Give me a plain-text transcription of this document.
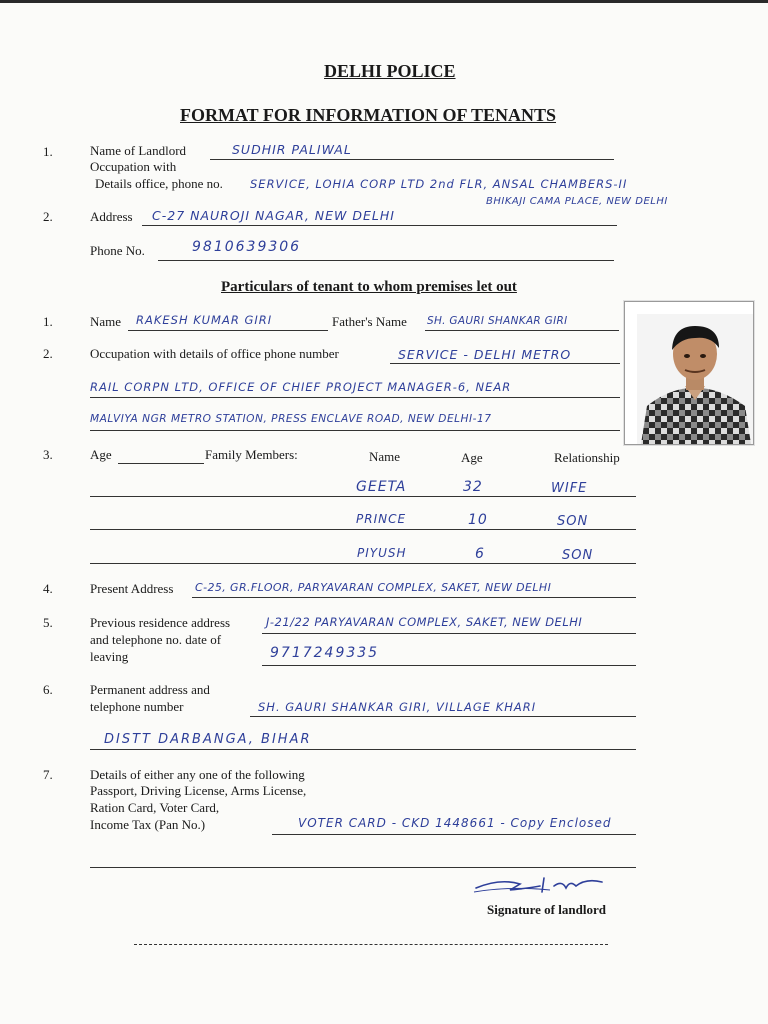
DELHI POLICE
FORMAT FOR INFORMATION OF TENANTS
1.	Name of Landlord
Occupation with
Details office, phone no.
SUDHIR PALIWAL
SERVICE, LOHIA CORP LTD 2nd FLR, ANSAL CHAMBERS-II
BHIKAJI CAMA PLACE, NEW DELHI
2.	Address C-27 NAUROJI NAGAR, NEW DELHI
Phone No.	9810639306
Particulars of tenant to whom premises let out
1.	Name RAKESH KUMAR GIRI	Father's Name SH. GAURI SHANKAR GIRI
2.	Occupation with details of office phone number	SERVICE - DELHI METRO
RAIL CORPN LTD, OFFICE OF CHIEF PROJECT MANAGER-6, NEAR
MALVIYA NGR METRO STATION, PRESS ENCLAVE ROAD, NEW DELHI-17
3.	Age	Family Members:	Name	Age	Relationship
GEETA	32	WIFE
PRINCE	10	SON
PIYUSH	6	SON
4.	Present Address C-25, GR.FLOOR, PARYAVARAN COMPLEX, SAKET, NEW DELHI
5.	Previous residence address
and telephone no. date of
leaving
J-21/22 PARYAVARAN COMPLEX, SAKET, NEW DELHI
9717249335
6.	Permanent address and
telephone number	SH. GAURI SHANKAR GIRI, VILLAGE KHARI
DISTT DARBANGA, BIHAR
7.	Details of either any one of the following
Passport, Driving License, Arms License,
Ration Card, Voter Card,
Income Tax (Pan No.)	VOTER CARD - CKD 1448661 - Copy Enclosed
Signature of landlord
